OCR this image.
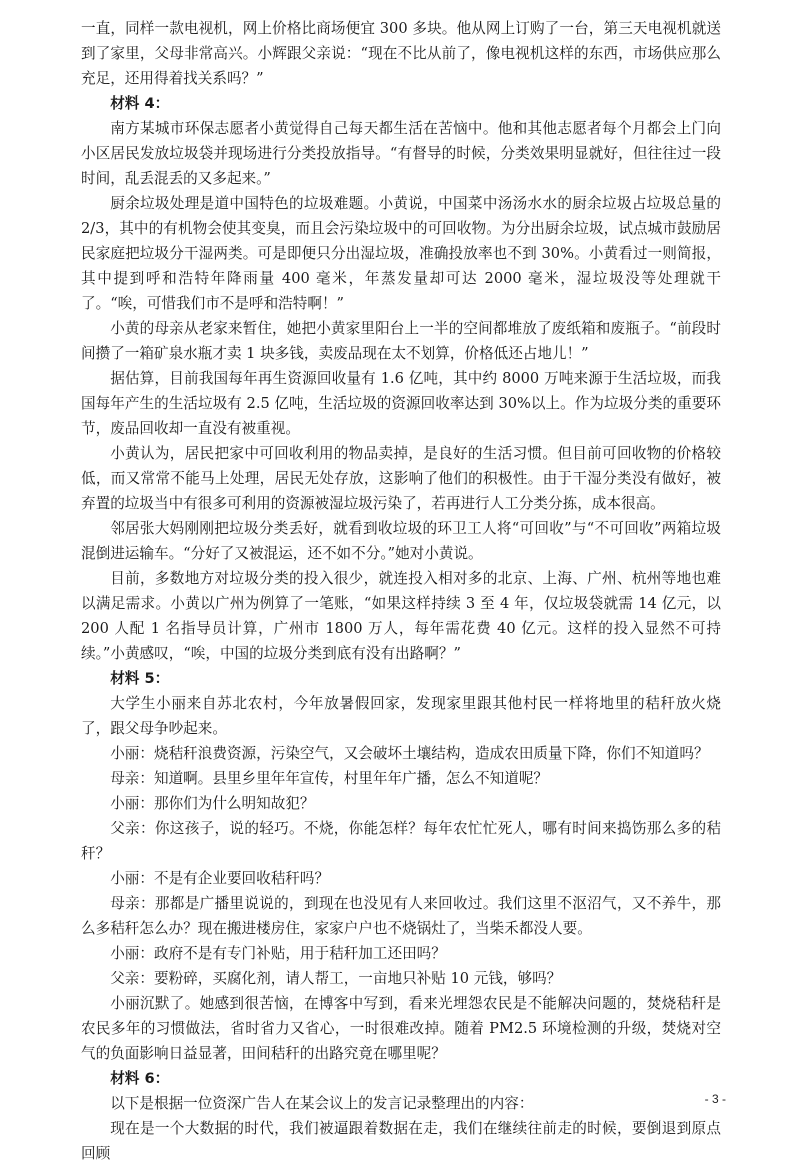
一直，同样一款电视机，网上价格比商场便宜 300 多块。他从网上订购了一台，第三天电视机就送到了家里，父母非常高兴。小辉跟父亲说：“现在不比从前了，像电视机这样的东西，市场供应那么充足，还用得着找关系吗？”

材料 4：

南方某城市环保志愿者小黄觉得自己每天都生活在苦恼中。他和其他志愿者每个月都会上门向小区居民发放垃圾袋并现场进行分类投放指导。“有督导的时候，分类效果明显就好，但往往过一段时间，乱丢混丢的又多起来。”

厨余垃圾处理是道中国特色的垃圾难题。小黄说，中国菜中汤汤水水的厨余垃圾占垃圾总量的2/3，其中的有机物会使其变臭，而且会污染垃圾中的可回收物。为分出厨余垃圾，试点城市鼓励居民家庭把垃圾分干湿两类。可是即便只分出湿垃圾，准确投放率也不到 30%。小黄看过一则简报，其中提到呼和浩特年降雨量 400 毫米，年蒸发量却可达 2000 毫米，湿垃圾没等处理就干了。“唉，可惜我们市不是呼和浩特啊！”

小黄的母亲从老家来暂住，她把小黄家里阳台上一半的空间都堆放了废纸箱和废瓶子。“前段时间攒了一箱矿泉水瓶才卖 1 块多钱，卖废品现在太不划算，价格低还占地儿！”

据估算，目前我国每年再生资源回收量有 1.6 亿吨，其中约 8000 万吨来源于生活垃圾，而我国每年产生的生活垃圾有 2.5 亿吨，生活垃圾的资源回收率达到 30%以上。作为垃圾分类的重要环节，废品回收却一直没有被重视。

小黄认为，居民把家中可回收利用的物品卖掉，是良好的生活习惯。但目前可回收物的价格较低，而又常常不能马上处理，居民无处存放，这影响了他们的积极性。由于干湿分类没有做好，被弃置的垃圾当中有很多可利用的资源被湿垃圾污染了，若再进行人工分类分拣，成本很高。

邻居张大妈刚刚把垃圾分类丢好，就看到收垃圾的环卫工人将“可回收”与“不可回收”两箱垃圾混倒进运输车。“分好了又被混运，还不如不分。”她对小黄说。

目前，多数地方对垃圾分类的投入很少，就连投入相对多的北京、上海、广州、杭州等地也难以满足需求。小黄以广州为例算了一笔账，“如果这样持续 3 至 4 年，仅垃圾袋就需 14 亿元，以 200 人配 1 名指导员计算，广州市 1800 万人，每年需花费 40 亿元。这样的投入显然不可持续。”小黄感叹，“唉，中国的垃圾分类到底有没有出路啊？”

材料 5：

大学生小丽来自苏北农村，今年放暑假回家，发现家里跟其他村民一样将地里的秸秆放火烧了，跟父母争吵起来。

小丽：烧秸秆浪费资源，污染空气，又会破坏土壤结构，造成农田质量下降，你们不知道吗？

母亲：知道啊。县里乡里年年宣传，村里年年广播，怎么不知道呢？

小丽：那你们为什么明知故犯？

父亲：你这孩子，说的轻巧。不烧，你能怎样？每年农忙忙死人，哪有时间来捣饬那么多的秸秆？

小丽：不是有企业要回收秸秆吗？

母亲：那都是广播里说说的，到现在也没见有人来回收过。我们这里不沤沼气，又不养牛，那么多秸秆怎么办？现在搬进楼房住，家家户户也不烧锅灶了，当柴禾都没人要。

小丽：政府不是有专门补贴，用于秸秆加工还田吗？

父亲：要粉碎，买腐化剂，请人帮工，一亩地只补贴 10 元钱，够吗？

小丽沉默了。她感到很苦恼，在博客中写到，看来光埋怨农民是不能解决问题的，焚烧秸秆是农民多年的习惯做法，省时省力又省心，一时很难改掉。随着 PM2.5 环境检测的升级，焚烧对空气的负面影响日益显著，田间秸秆的出路究竟在哪里呢？

材料 6：

以下是根据一位资深广告人在某会议上的发言记录整理出的内容：

现在是一个大数据的时代，我们被逼跟着数据在走，我们在继续往前走的时候，要倒退到原点回顾

- 3 -
